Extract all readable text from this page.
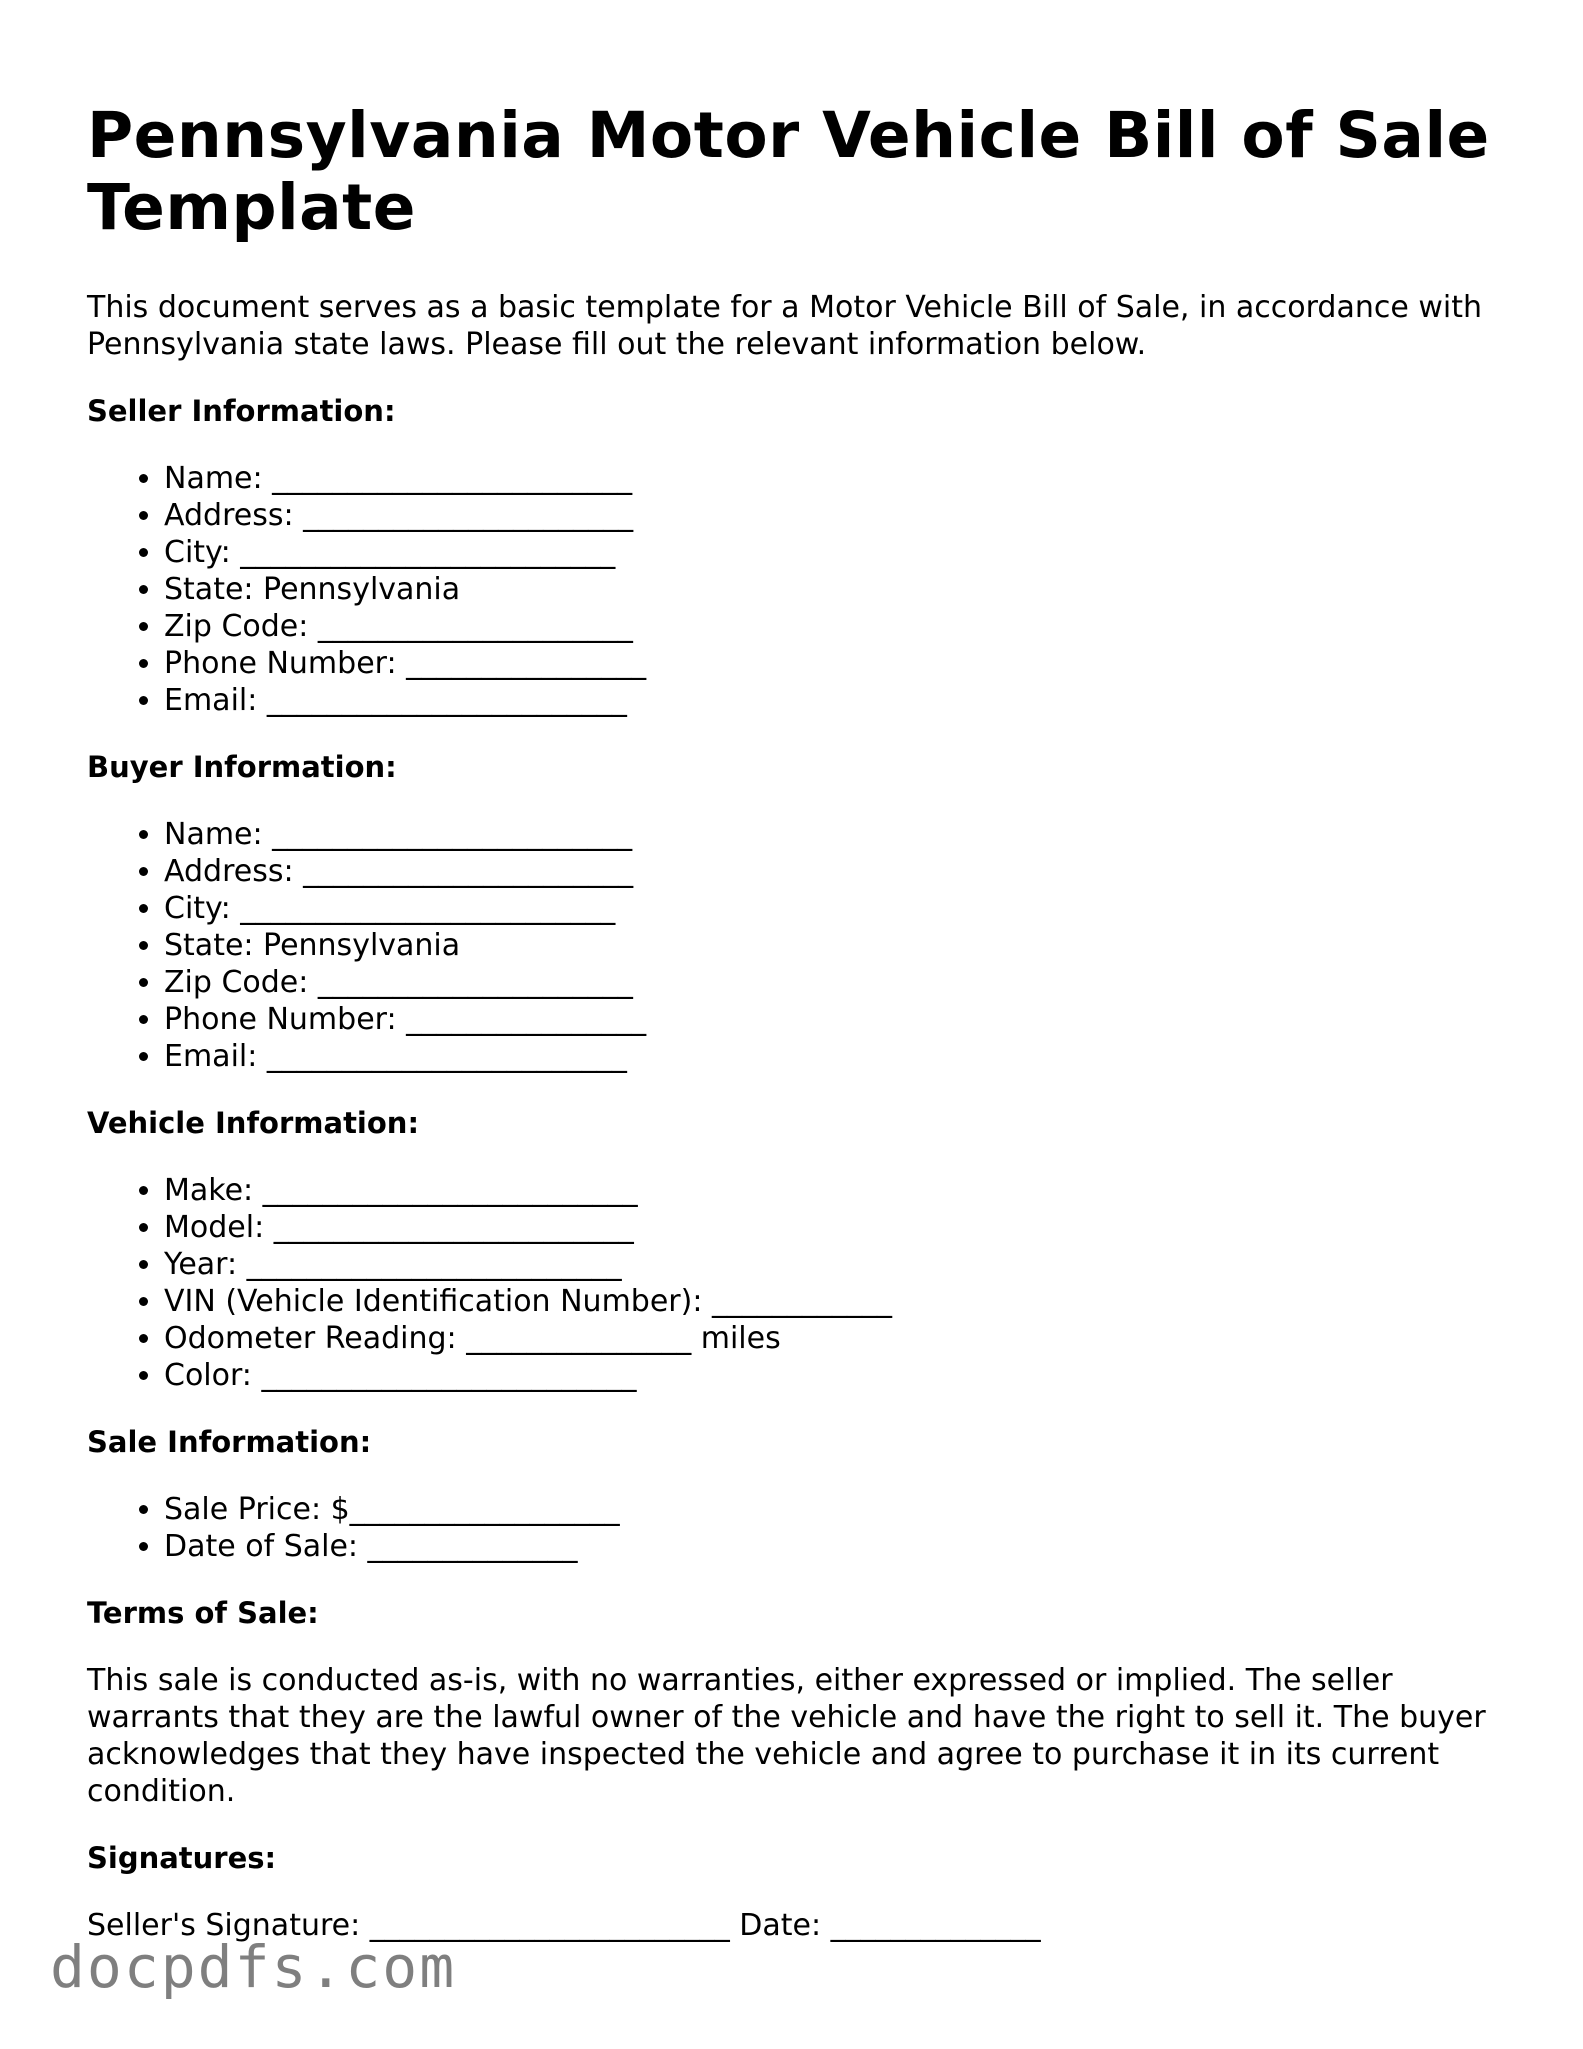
Pennsylvania Motor Vehicle Bill of Sale Template

This document serves as a basic template for a Motor Vehicle Bill of Sale, in accordance with Pennsylvania state laws. Please fill out the relevant information below.

Seller Information:
• Name: ________________________
• Address: ______________________
• City: _________________________
• State: Pennsylvania
• Zip Code: _____________________
• Phone Number: ________________
• Email: ________________________
Buyer Information:
• Name: ________________________
• Address: ______________________
• City: _________________________
• State: Pennsylvania
• Zip Code: _____________________
• Phone Number: ________________
• Email: ________________________
Vehicle Information:
• Make: _________________________
• Model: ________________________
• Year: _________________________
• VIN (Vehicle Identification Number): ____________
• Odometer Reading: _______________ miles
• Color: _________________________
Sale Information:
• Sale Price: $__________________
• Date of Sale: ______________
Terms of Sale:

This sale is conducted as-is, with no warranties, either expressed or implied. The seller warrants that they are the lawful owner of the vehicle and have the right to sell it. The buyer acknowledges that they have inspected the vehicle and agree to purchase it in its current condition.

Signatures:
Seller's Signature: ________________________ Date: ______________
docpdfs.com
